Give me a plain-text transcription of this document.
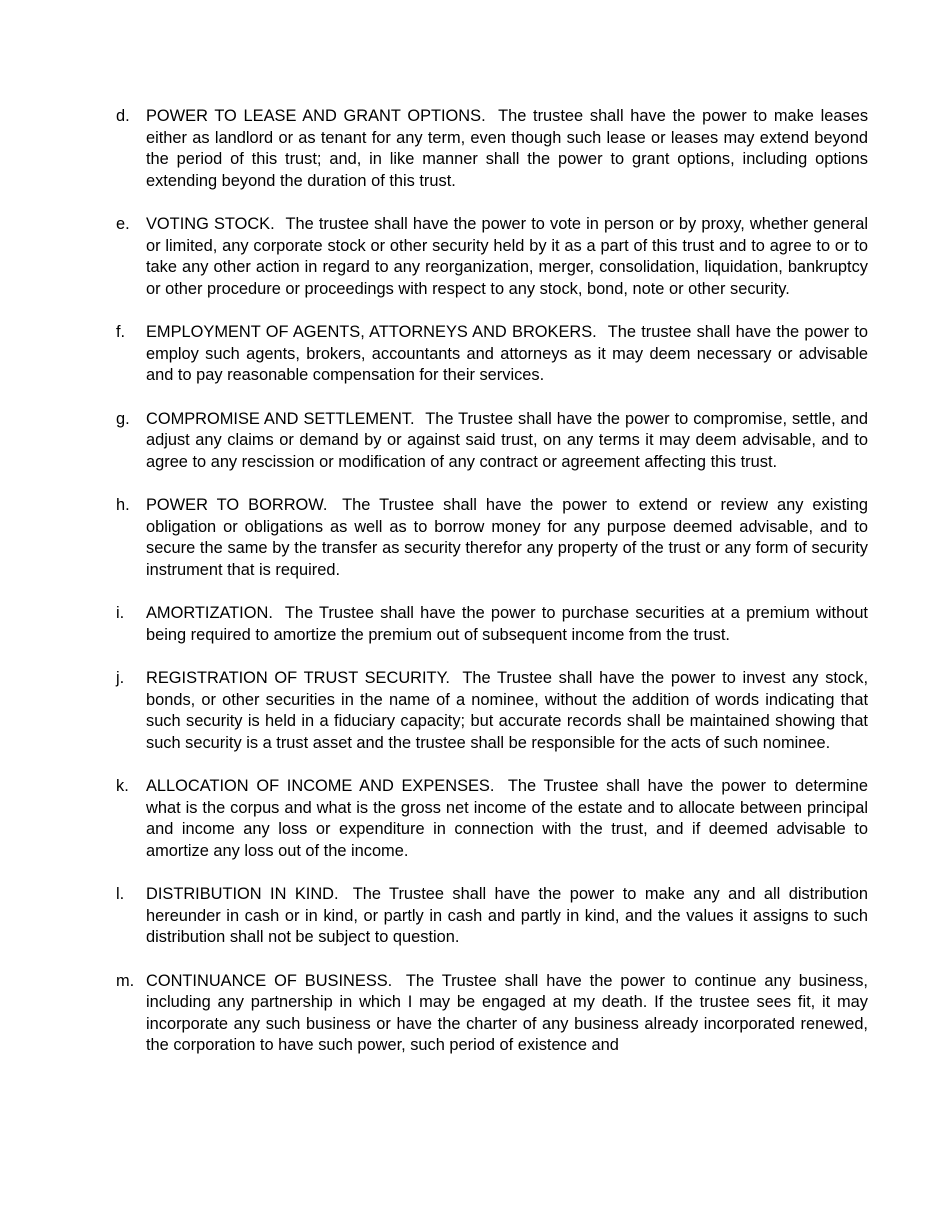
d. POWER TO LEASE AND GRANT OPTIONS. The trustee shall have the power to make leases either as landlord or as tenant for any term, even though such lease or leases may extend beyond the period of this trust; and, in like manner shall the power to grant options, including options extending beyond the duration of this trust.
e. VOTING STOCK. The trustee shall have the power to vote in person or by proxy, whether general or limited, any corporate stock or other security held by it as a part of this trust and to agree to or to take any other action in regard to any reorganization, merger, consolidation, liquidation, bankruptcy or other procedure or proceedings with respect to any stock, bond, note or other security.
f.	EMPLOYMENT OF AGENTS, ATTORNEYS AND BROKERS. The trustee shall have the power to employ such agents, brokers, accountants and attorneys as it may deem necessary or advisable and to pay reasonable compensation for their services.
g. COMPROMISE AND SETTLEMENT. The Trustee shall have the power to compromise, settle, and adjust any claims or demand by or against said trust, on any terms it may deem advisable, and to agree to any rescission or modification of any contract or agreement affecting this trust.
h. POWER TO BORROW. The Trustee shall have the power to extend or review any existing obligation or obligations as well as to borrow money for any purpose deemed advisable, and to secure the same by the transfer as security therefor any property of the trust or any form of security instrument that is required.
i.	AMORTIZATION. The Trustee shall have the power to purchase securities at a premium without being required to amortize the premium out of subsequent income from the trust.
j.	REGISTRATION OF TRUST SECURITY. The Trustee shall have the power to invest any stock, bonds, or other securities in the name of a nominee, without the addition of words indicating that such security is held in a fiduciary capacity; but accurate records shall be maintained showing that such security is a trust asset and the trustee shall be responsible for the acts of such nominee.
k.	ALLOCATION OF INCOME AND EXPENSES. The Trustee shall have the power to determine what is the corpus and what is the gross net income of the estate and to allocate between principal and income any loss or expenditure in connection with the trust, and if deemed advisable to amortize any loss out of the income.
l.	DISTRIBUTION IN KIND. The Trustee shall have the power to make any and all distribution hereunder in cash or in kind, or partly in cash and partly in kind, and the values it assigns to such distribution shall not be subject to question.
m. CONTINUANCE OF BUSINESS. The Trustee shall have the power to continue any business, including any partnership in which I may be engaged at my death. If the trustee sees fit, it may incorporate any such business or have the charter of any business already incorporated renewed, the corporation to have such power, such period of existence and
